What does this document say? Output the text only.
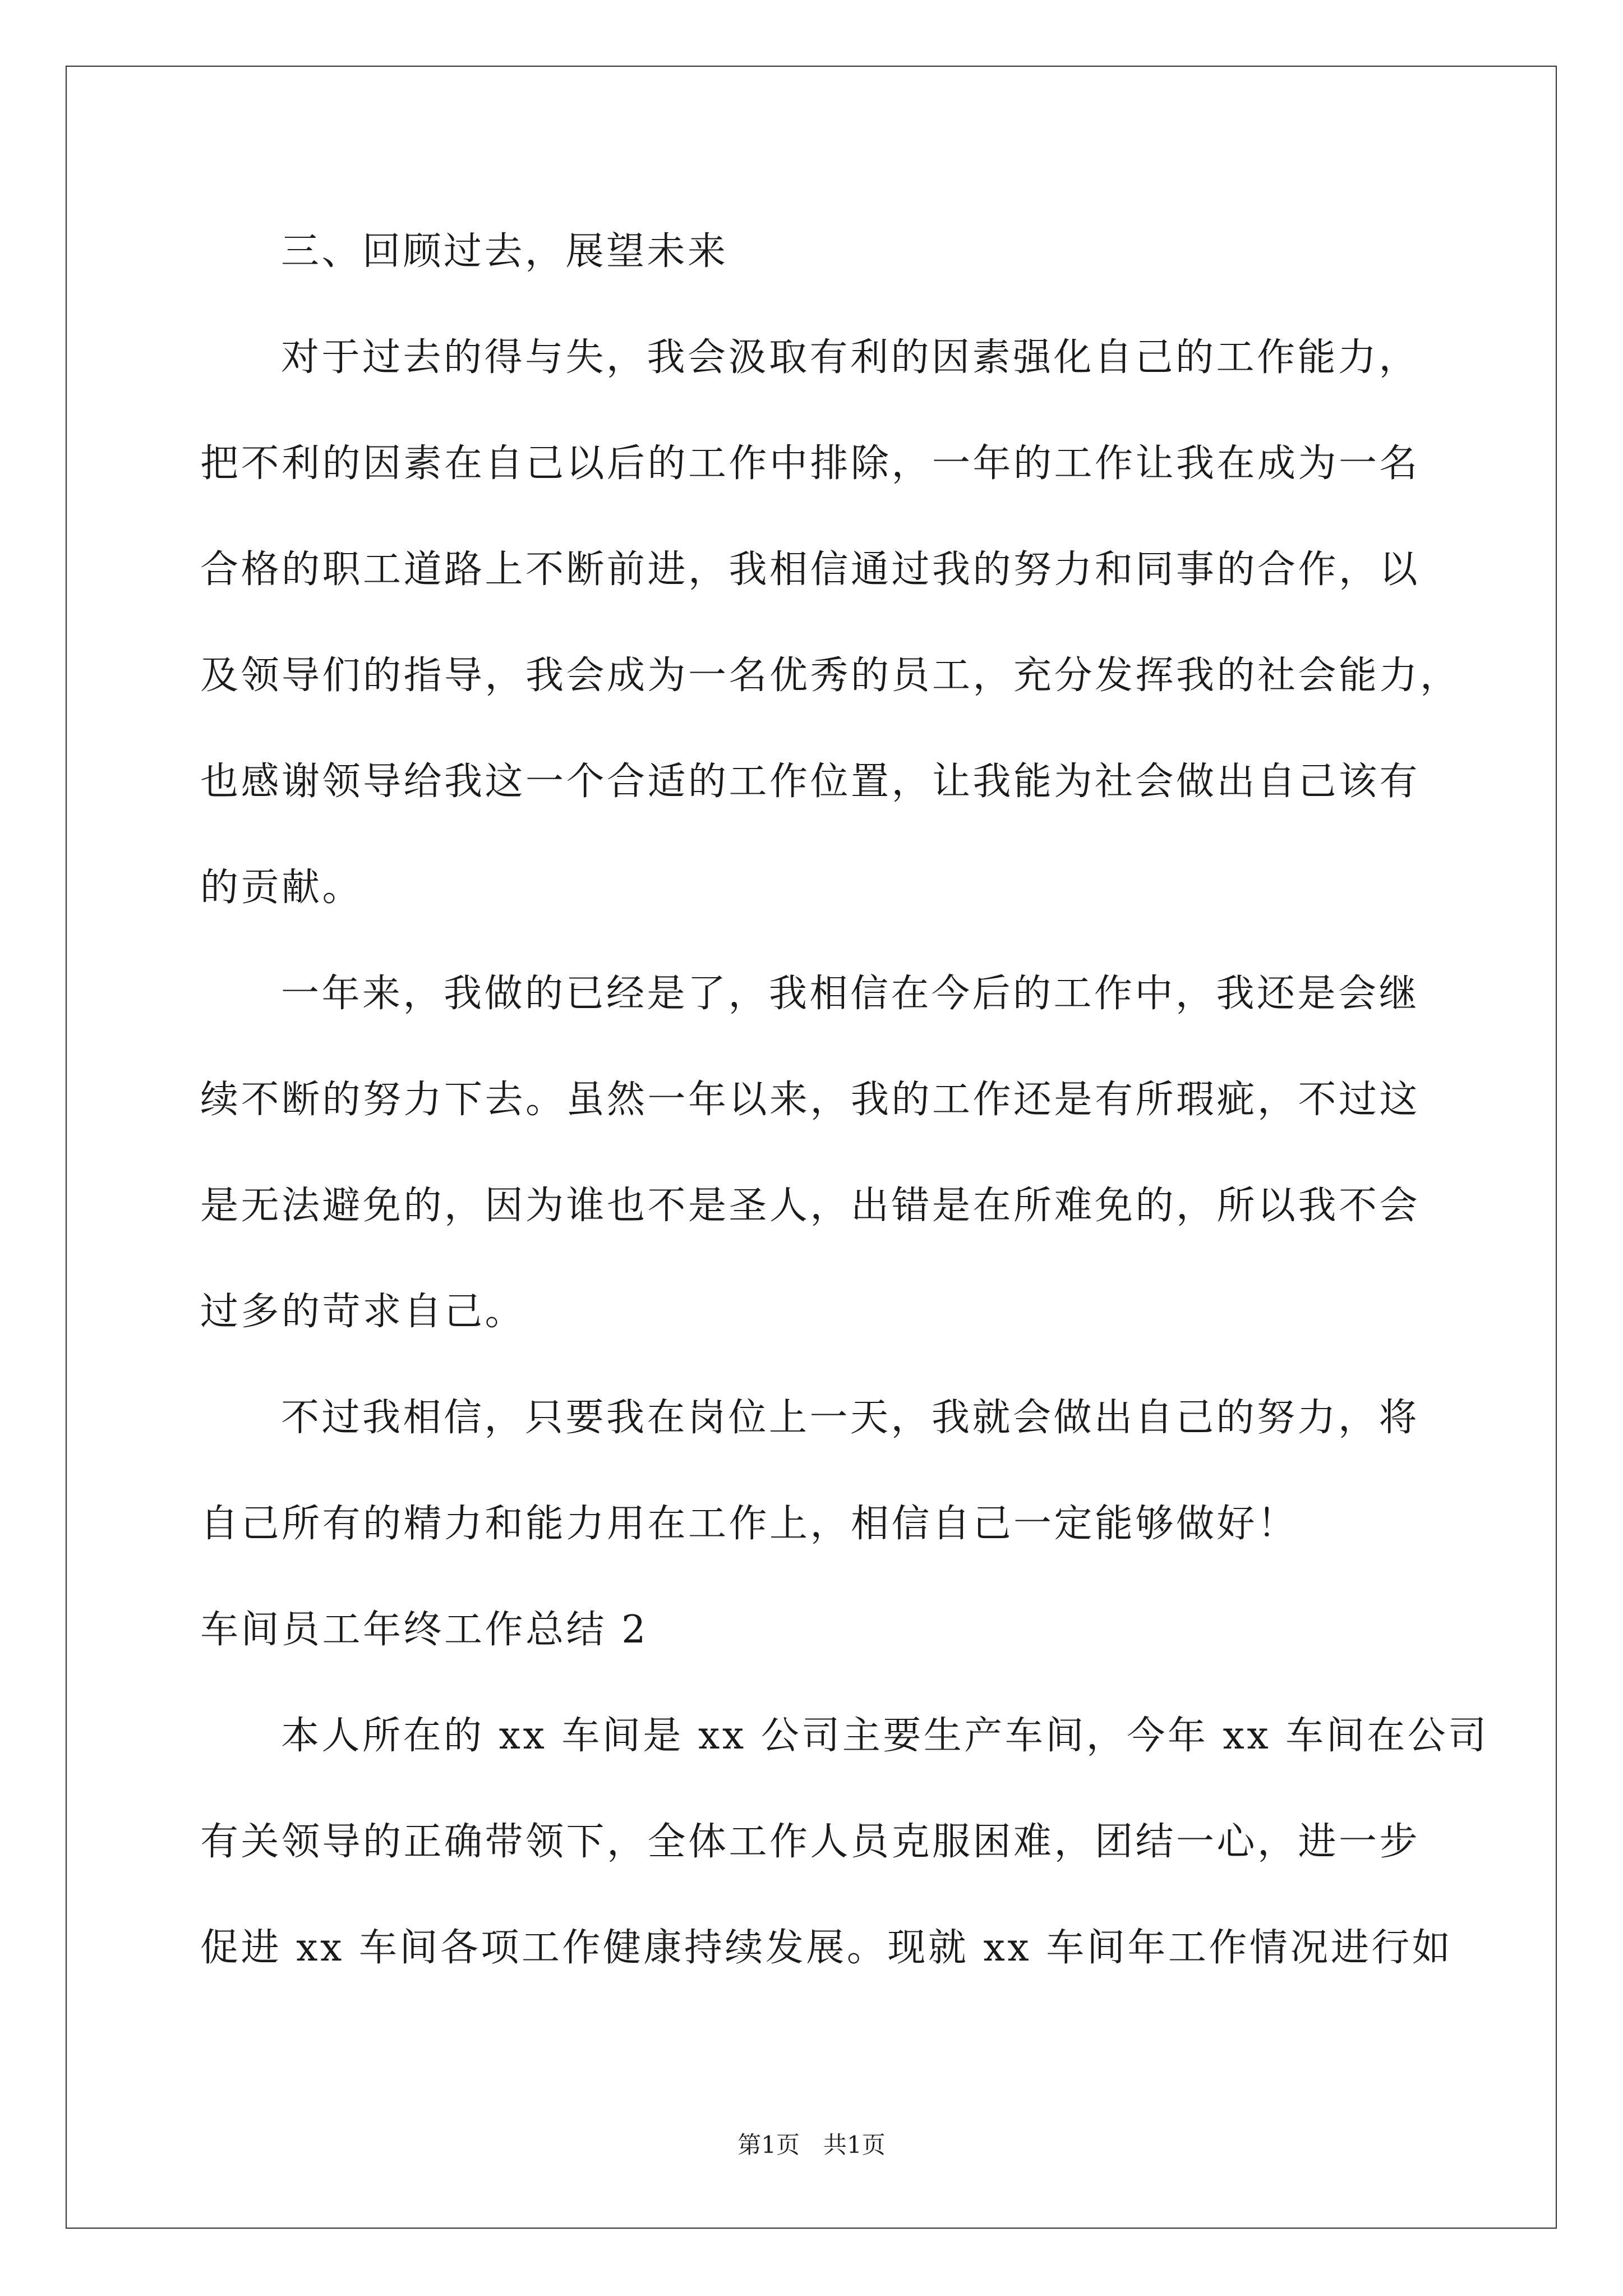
三、回顾过去，展望未来
对于过去的得与失，我会汲取有利的因素强化自己的工作能力，
把不利的因素在自己以后的工作中排除，一年的工作让我在成为一名
合格的职工道路上不断前进，我相信通过我的努力和同事的合作，以
及领导们的指导，我会成为一名优秀的员工，充分发挥我的社会能力，
也感谢领导给我这一个合适的工作位置，让我能为社会做出自己该有
的贡献。
一年来，我做的已经是了，我相信在今后的工作中，我还是会继
续不断的努力下去。虽然一年以来，我的工作还是有所瑕疵，不过这
是无法避免的，因为谁也不是圣人，出错是在所难免的，所以我不会
过多的苛求自己。
不过我相信，只要我在岗位上一天，我就会做出自己的努力，将
自己所有的精力和能力用在工作上，相信自己一定能够做好！
车间员工年终工作总结 2
本人所在的 xx 车间是 xx 公司主要生产车间，今年 xx 车间在公司
有关领导的正确带领下，全体工作人员克服困难，团结一心，进一步
促进 xx 车间各项工作健康持续发展。现就 xx 车间年工作情况进行如
第1页　共1页
